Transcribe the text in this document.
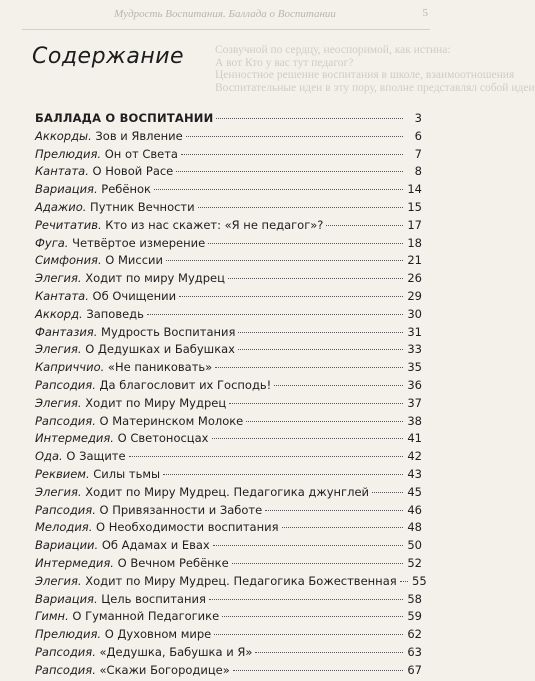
Мудрость Воспитания. Баллада о Воспитании	5
Созвучной по сердцу, неоспоримой, как истина:
А вот Кто у вас тут педагог?
Ценностное решение воспитания в школе, взаимоотношения
Воспитательные идеи в эту пору, вполне представлял собой идеи
Содержание
БАЛЛАДА О ВОСПИТАНИИ	3
Аккорды. Зов и Явление	6
Прелюдия. Он от Света	7
Кантата. О Новой Расе	8
Вариация. Ребёнок	14
Адажио. Путник Вечности	15
Речитатив. Кто из нас скажет: «Я не педагог»?	17
Фуга. Четвёртое измерение	18
Симфония. О Миссии	21
Элегия. Ходит по миру Мудрец	26
Кантата. Об Очищении	29
Аккорд. Заповедь	30
Фантазия. Мудрость Воспитания	31
Элегия. О Дедушках и Бабушках	33
Каприччио. «Не паниковать»	35
Рапсодия. Да благословит их Господь!	36
Элегия. Ходит по Миру Мудрец	37
Рапсодия. О Материнском Молоке	38
Интермедия. О Светоносцах	41
Ода. О Защите	42
Реквием. Силы тьмы	43
Элегия. Ходит по Миру Мудрец. Педагогика джунглей	45
Рапсодия. О Привязанности и Заботе	46
Мелодия. О Необходимости воспитания	48
Вариации. Об Адамах и Евах	50
Интермедия. О Вечном Ребёнке	52
Элегия. Ходит по Миру Мудрец. Педагогика Божественная 55
Вариация. Цель воспитания	58
Гимн. О Гуманной Педагогике	59
Прелюдия. О Духовном мире	62
Рапсодия. «Дедушка, Бабушка и Я»	63
Рапсодия. «Скажи Богородице»	67
